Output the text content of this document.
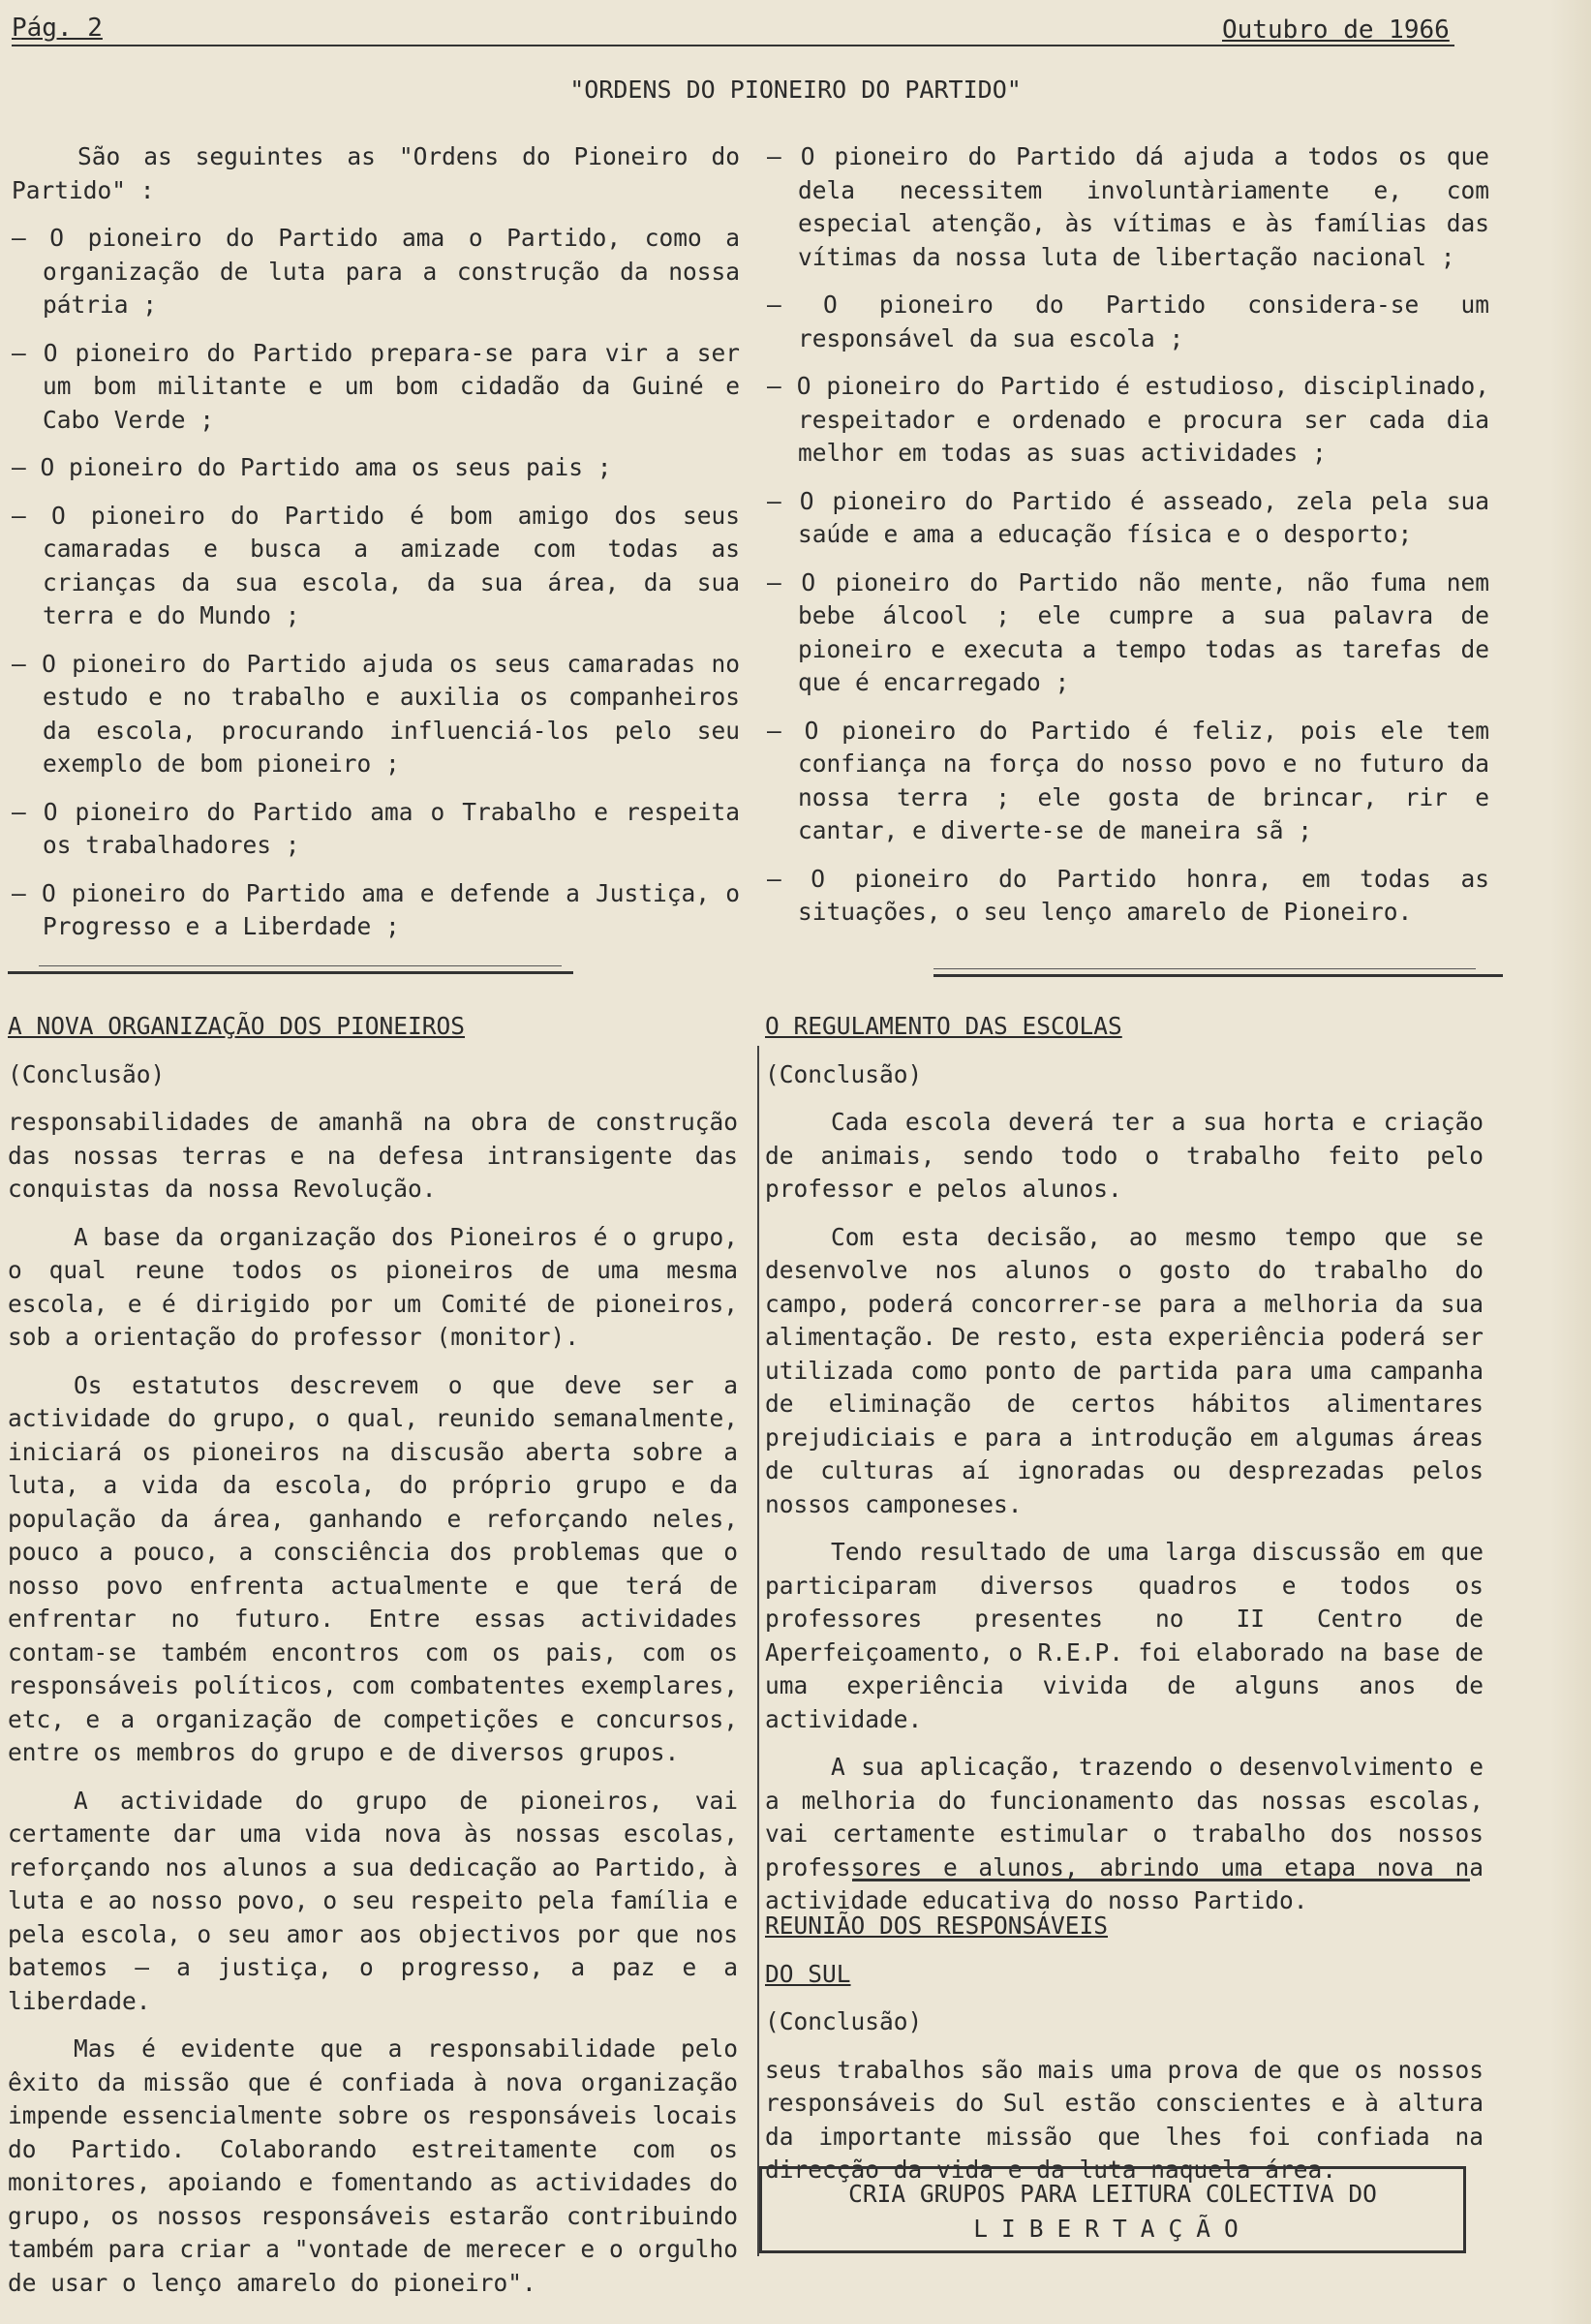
Pág. 2	Outubro de 1966
"ORDENS DO PIONEIRO DO PARTIDO"

São as seguintes as "Ordens do Pioneiro do Partido" :

– O pioneiro do Partido ama o Partido, como a organização de luta para a construção da nossa pátria ;

– O pioneiro do Partido prepara-se para vir a ser um bom militante e um bom cidadão da Guiné e Cabo Verde ;

– O pioneiro do Partido ama os seus pais ;

– O pioneiro do Partido é bom amigo dos seus camaradas e busca a amizade com todas as crianças da sua escola, da sua área, da sua terra e do Mundo ;

– O pioneiro do Partido ajuda os seus camaradas no estudo e no trabalho e auxilia os companheiros da escola, procurando influenciá-los pelo seu exemplo de bom pioneiro ;

– O pioneiro do Partido ama o Trabalho e respeita os trabalhadores ;

– O pioneiro do Partido ama e defende a Justiça, o Progresso e a Liberdade ;

– O pioneiro do Partido dá ajuda a todos os que dela necessitem involuntàriamente e, com especial atenção, às vítimas e às famílias das vítimas da nossa luta de libertação nacional ;

– O pioneiro do Partido considera-se um responsável da sua escola ;

– O pioneiro do Partido é estudioso, disciplinado, respeitador e ordenado e procura ser cada dia melhor em todas as suas actividades ;

– O pioneiro do Partido é asseado, zela pela sua saúde e ama a educação física e o desporto;

– O pioneiro do Partido não mente, não fuma nem bebe álcool ; ele cumpre a sua palavra de pioneiro e executa a tempo todas as tarefas de que é encarregado ;

– O pioneiro do Partido é feliz, pois ele tem confiança na força do nosso povo e no futuro da nossa terra ; ele gosta de brincar, rir e cantar, e diverte-se de maneira sã ;

– O pioneiro do Partido honra, em todas as situações, o seu lenço amarelo de Pioneiro.

A NOVA ORGANIZAÇÃO DOS PIONEIROS

(Conclusão)

responsabilidades de amanhã na obra de construção das nossas terras e na defesa intransigente das conquistas da nossa Revolução.

A base da organização dos Pioneiros é o grupo, o qual reune todos os pioneiros de uma mesma escola, e é dirigido por um Comité de pioneiros, sob a orientação do professor (monitor).

Os estatutos descrevem o que deve ser a actividade do grupo, o qual, reunido semanalmente, iniciará os pioneiros na discusão aberta sobre a luta, a vida da escola, do próprio grupo e da população da área, ganhando e reforçando neles, pouco a pouco, a consciência dos problemas que o nosso povo enfrenta actualmente e que terá de enfrentar no futuro. Entre essas actividades contam-se também encontros com os pais, com os responsáveis políticos, com combatentes exemplares, etc, e a organização de competições e concursos, entre os membros do grupo e de diversos grupos.

A actividade do grupo de pioneiros, vai certamente dar uma vida nova às nossas escolas, reforçando nos alunos a sua dedicação ao Partido, à luta e ao nosso povo, o seu respeito pela família e pela escola, o seu amor aos objectivos por que nos batemos – a justiça, o progresso, a paz e a liberdade.

Mas é evidente que a responsabilidade pelo êxito da missão que é confiada à nova organização impende essencialmente sobre os responsáveis locais do Partido. Colaborando estreitamente com os monitores, apoiando e fomentando as actividades do grupo, os nossos responsáveis estarão contribuindo também para criar a "vontade de merecer e o orgulho de usar o lenço amarelo do pioneiro".

O REGULAMENTO DAS ESCOLAS

(Conclusão)

Cada escola deverá ter a sua horta e criação de animais, sendo todo o trabalho feito pelo professor e pelos alunos.

Com esta decisão, ao mesmo tempo que se desenvolve nos alunos o gosto do trabalho do campo, poderá concorrer-se para a melhoria da sua alimentação. De resto, esta experiência poderá ser utilizada como ponto de partida para uma campanha de eliminação de certos hábitos alimentares prejudiciais e para a introdução em algumas áreas de culturas aí ignoradas ou desprezadas pelos nossos camponeses.

Tendo resultado de uma larga discussão em que participaram diversos quadros e todos os professores presentes no II Centro de Aperfeiçoamento, o R.E.P. foi elaborado na base de uma experiência vivida de alguns anos de actividade.

A sua aplicação, trazendo o desenvolvimento e a melhoria do funcionamento das nossas escolas, vai certamente estimular o trabalho dos nossos professores e alunos, abrindo uma etapa nova na actividade educativa do nosso Partido.

REUNIÃO DOS RESPONSÁVEIS

DO SUL

(Conclusão)

seus trabalhos são mais uma prova de que os nossos responsáveis do Sul estão conscientes e à altura da importante missão que lhes foi confiada na direcção da vida e da luta naquela área.

CRIA GRUPOS PARA LEITURA COLECTIVA DO
LIBERTAÇÃO
